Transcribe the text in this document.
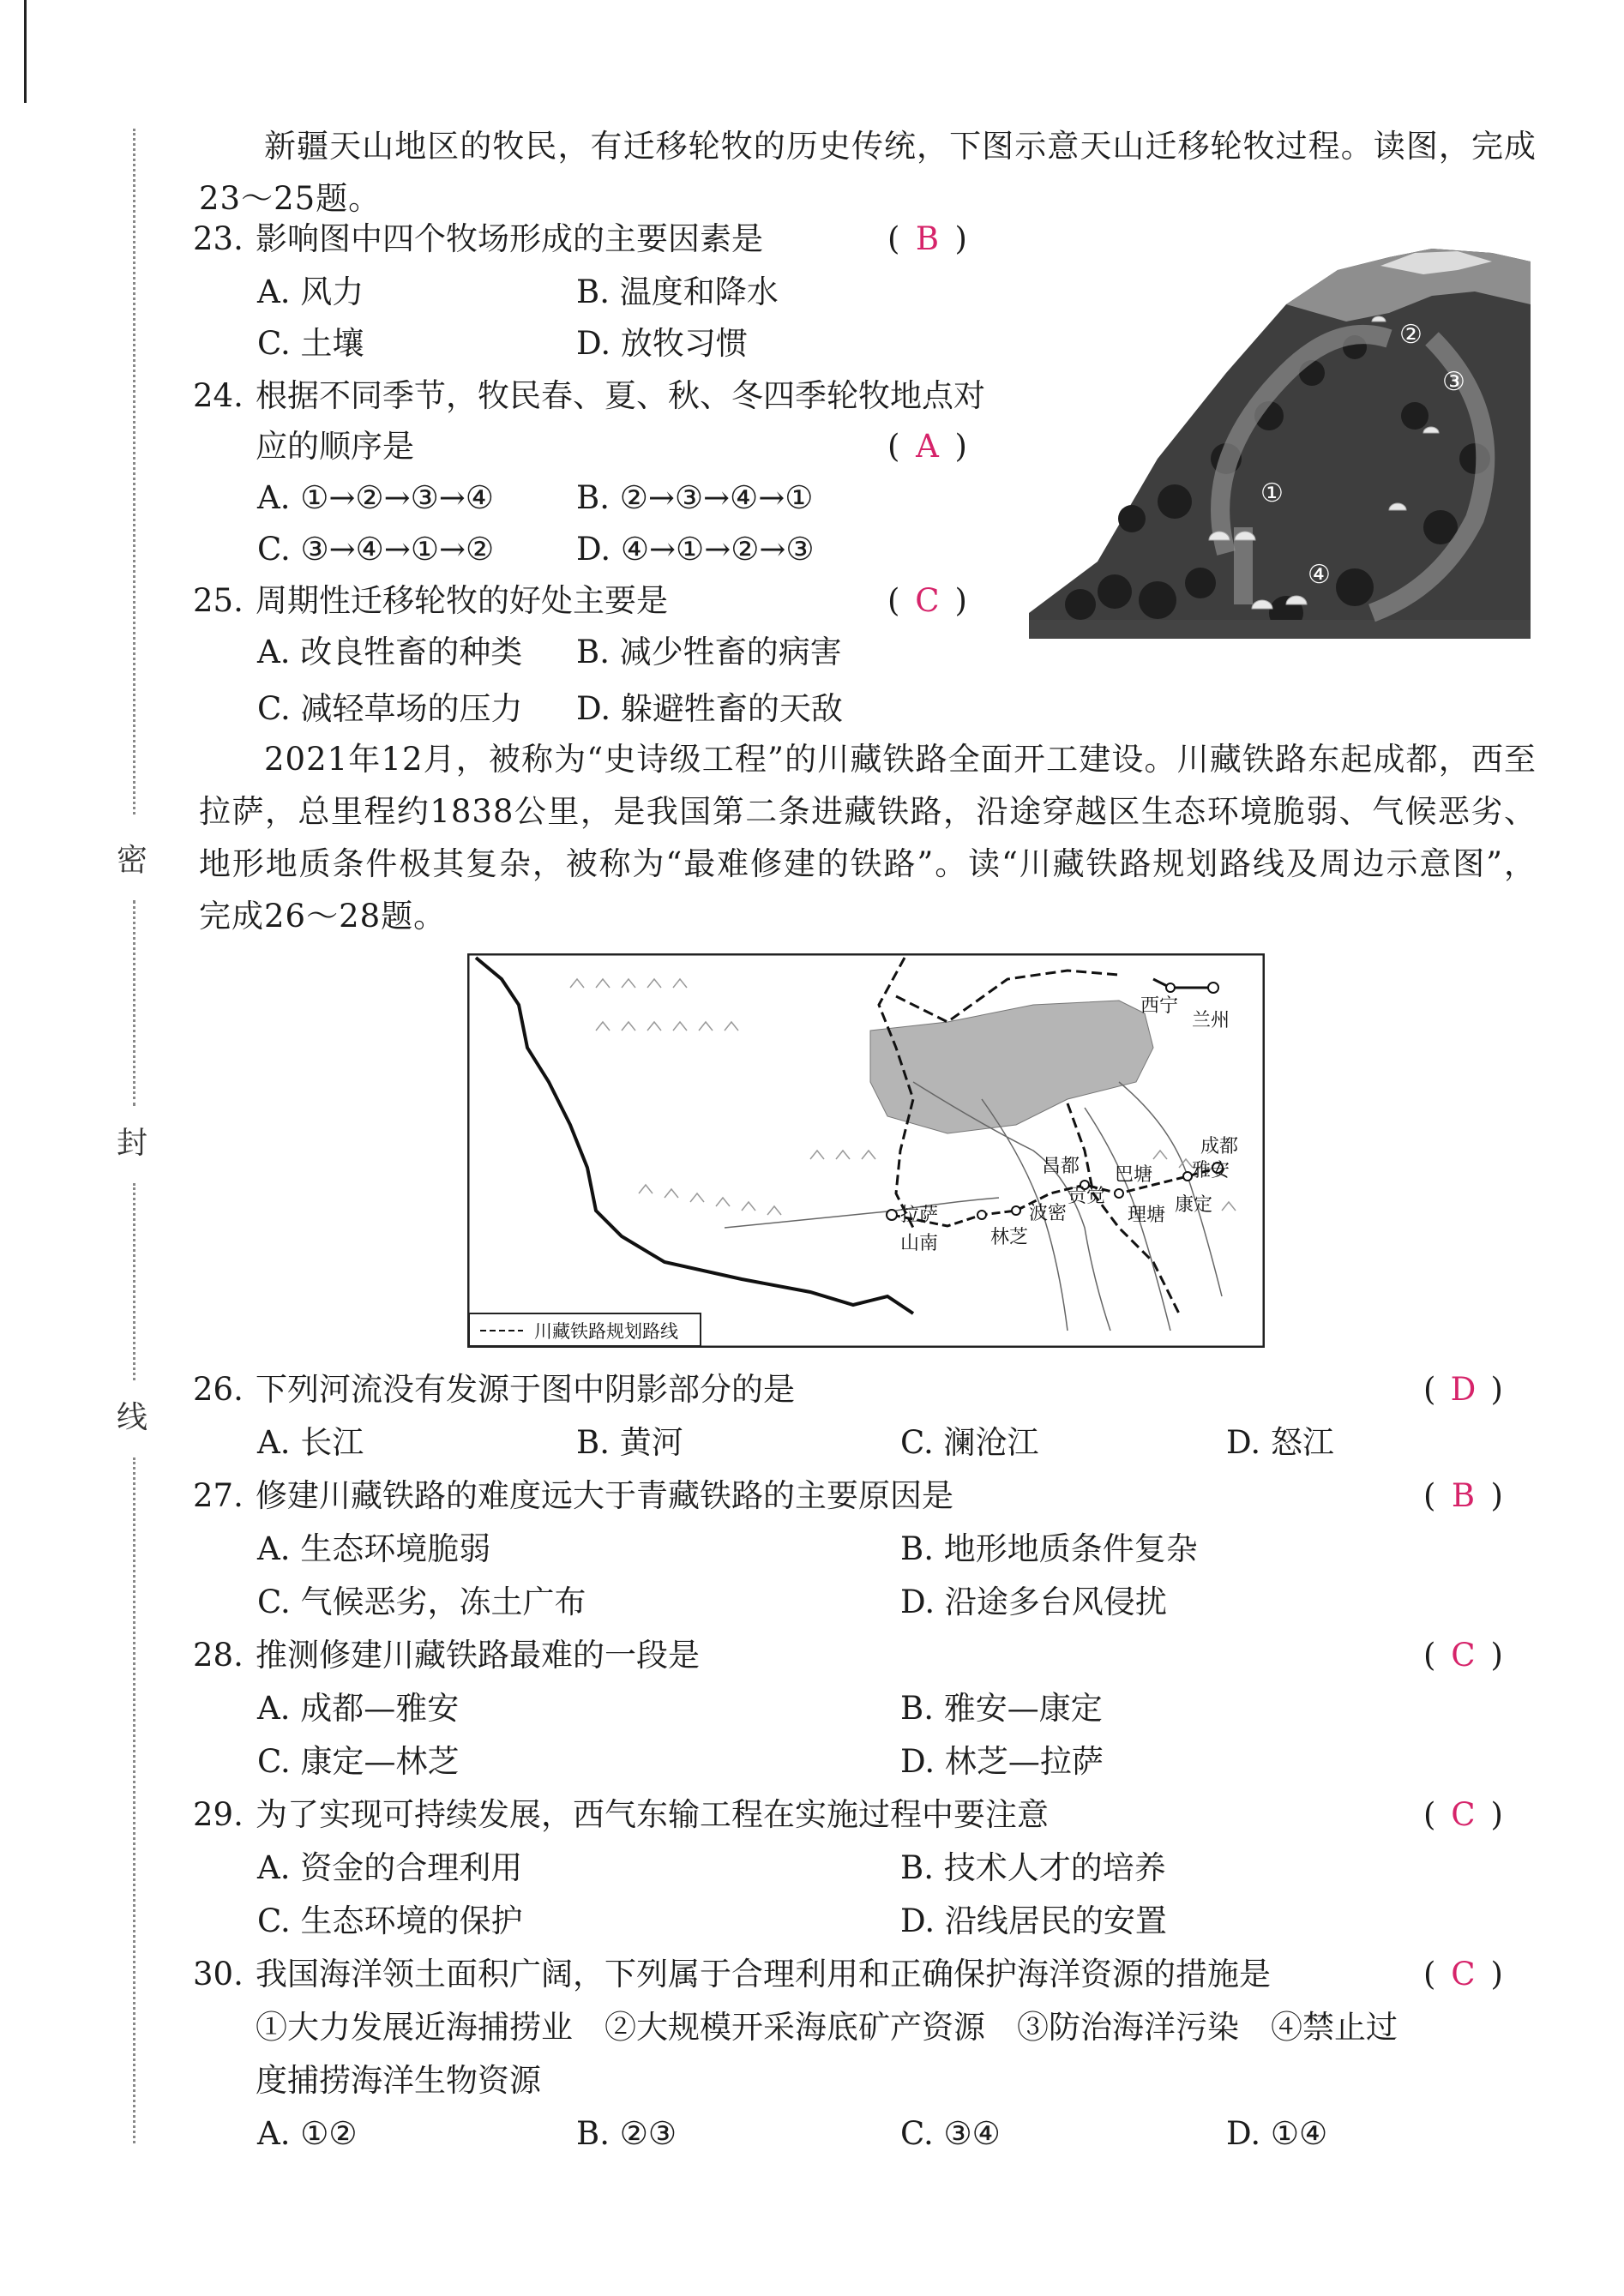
密
封
线
新疆天山地区的牧民，有迁移轮牧的历史传统，下图示意天山迁移轮牧过程。读图，完成23～25题。
23. 影响图中四个牧场形成的主要因素是	( B )
A. 风力	B. 温度和降水
C. 土壤	D. 放牧习惯
24. 根据不同季节，牧民春、夏、秋、冬四季轮牧地点对
应的顺序是	( A )
A. ①→②→③→④	B. ②→③→④→①
C. ③→④→①→②	D. ④→①→②→③
25. 周期性迁移轮牧的好处主要是	( C )
A. 改良牲畜的种类 B. 减少牲畜的病害
C. 减轻草场的压力 D. 躲避牲畜的天敌
②
③
①
④
2021年12月，被称为“史诗级工程”的川藏铁路全面开工建设。川藏铁路东起成都，西至拉萨，总里程约1838公里，是我国第二条进藏铁路，沿途穿越区生态环境脆弱、气候恶劣、地形地质条件极其复杂，被称为“最难修建的铁路”。读“川藏铁路规划路线及周边示意图”，完成26～28题。
西宁
兰州
昌都 巴塘
成都
雅安
贡觉
理塘 康定
拉萨	波密
林芝
山南
川藏铁路规划路线
26. 下列河流没有发源于图中阴影部分的是	( D )
A. 长江	B. 黄河	C. 澜沧江	D. 怒江
27. 修建川藏铁路的难度远大于青藏铁路的主要原因是	( B )
A. 生态环境脆弱	B. 地形地质条件复杂
C. 气候恶劣，冻土广布	D. 沿途多台风侵扰
28. 推测修建川藏铁路最难的一段是	( C )
A. 成都—雅安	B. 雅安—康定
C. 康定—林芝	D. 林芝—拉萨
29. 为了实现可持续发展，西气东输工程在实施过程中要注意	( C )
A. 资金的合理利用	B. 技术人才的培养
C. 生态环境的保护	D. 沿线居民的安置
30. 我国海洋领土面积广阔，下列属于合理利用和正确保护海洋资源的措施是	( C )
①大力发展近海捕捞业　②大规模开采海底矿产资源　③防治海洋污染　④禁止过
度捕捞海洋生物资源
A. ①②	B. ②③	C. ③④	D. ①④
